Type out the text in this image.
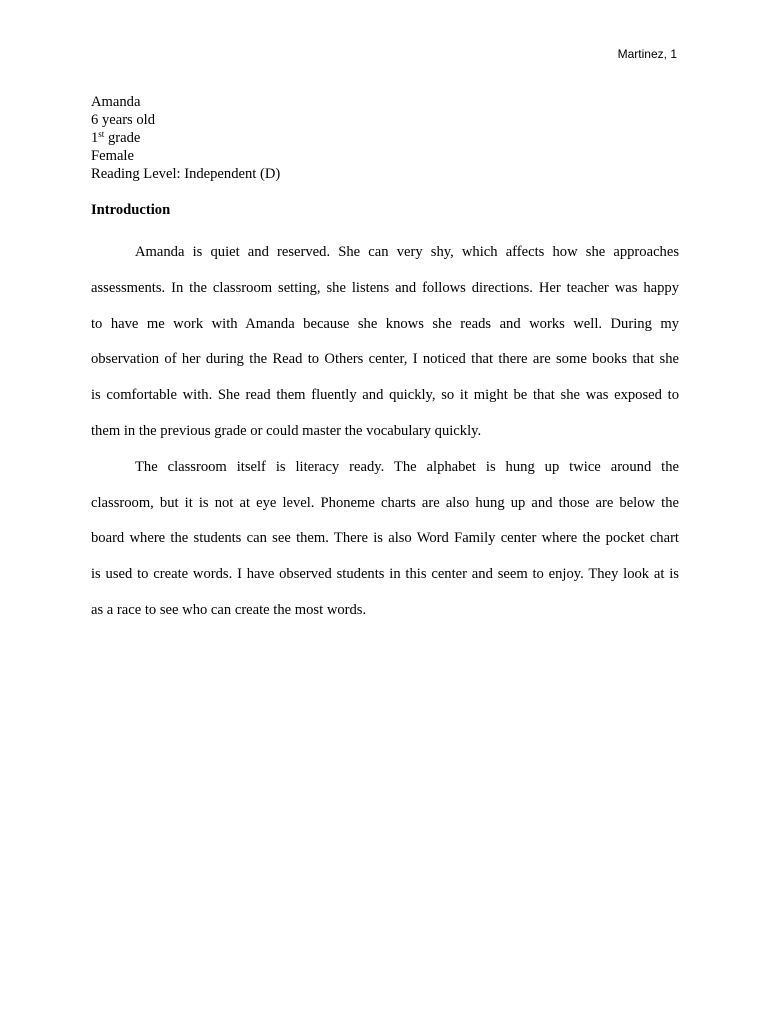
Martinez, 1
Amanda
6 years old
1st grade
Female
Reading Level: Independent (D)
Introduction

Amanda is quiet and reserved. She can very shy, which affects how she approaches
assessments. In the classroom setting, she listens and follows directions. Her teacher was happy
to have me work with Amanda because she knows she reads and works well. During my
observation of her during the Read to Others center, I noticed that there are some books that she
is comfortable with. She read them fluently and quickly, so it might be that she was exposed to
them in the previous grade or could master the vocabulary quickly.

The classroom itself is literacy ready. The alphabet is hung up twice around the
classroom, but it is not at eye level. Phoneme charts are also hung up and those are below the
board where the students can see them. There is also Word Family center where the pocket chart
is used to create words. I have observed students in this center and seem to enjoy. They look at is
as a race to see who can create the most words.
